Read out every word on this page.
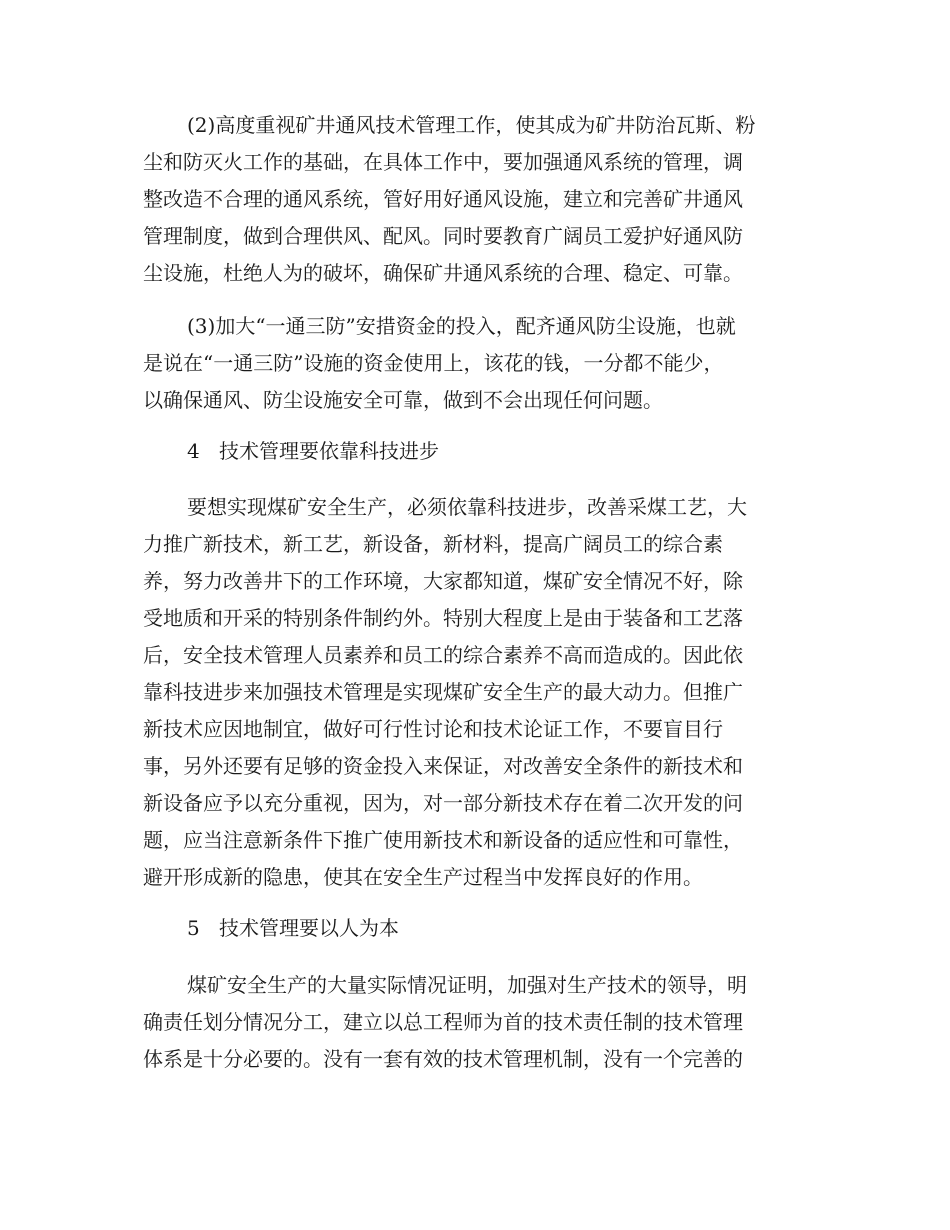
(2)高度重视矿井通风技术管理工作，使其成为矿井防治瓦斯、粉
尘和防灭火工作的基础，在具体工作中，要加强通风系统的管理，调
整改造不合理的通风系统，管好用好通风设施，建立和完善矿井通风
管理制度，做到合理供风、配风。同时要教育广阔员工爱护好通风防
尘设施，杜绝人为的破坏，确保矿井通风系统的合理、稳定、可靠。
(3)加大“一通三防”安措资金的投入，配齐通风防尘设施，也就
是说在“一通三防”设施的资金使用上，该花的钱，一分都不能少，
以确保通风、防尘设施安全可靠，做到不会出现任何问题。
4 技术管理要依靠科技进步
要想实现煤矿安全生产，必须依靠科技进步，改善采煤工艺，大
力推广新技术，新工艺，新设备，新材料，提高广阔员工的综合素
养，努力改善井下的工作环境，大家都知道，煤矿安全情况不好，除
受地质和开采的特别条件制约外。特别大程度上是由于装备和工艺落
后，安全技术管理人员素养和员工的综合素养不高而造成的。因此依
靠科技进步来加强技术管理是实现煤矿安全生产的最大动力。但推广
新技术应因地制宜，做好可行性讨论和技术论证工作，不要盲目行
事，另外还要有足够的资金投入来保证，对改善安全条件的新技术和
新设备应予以充分重视，因为，对一部分新技术存在着二次开发的问
题，应当注意新条件下推广使用新技术和新设备的适应性和可靠性，
避开形成新的隐患，使其在安全生产过程当中发挥良好的作用。
5 技术管理要以人为本
煤矿安全生产的大量实际情况证明，加强对生产技术的领导，明
确责任划分情况分工，建立以总工程师为首的技术责任制的技术管理
体系是十分必要的。没有一套有效的技术管理机制，没有一个完善的
